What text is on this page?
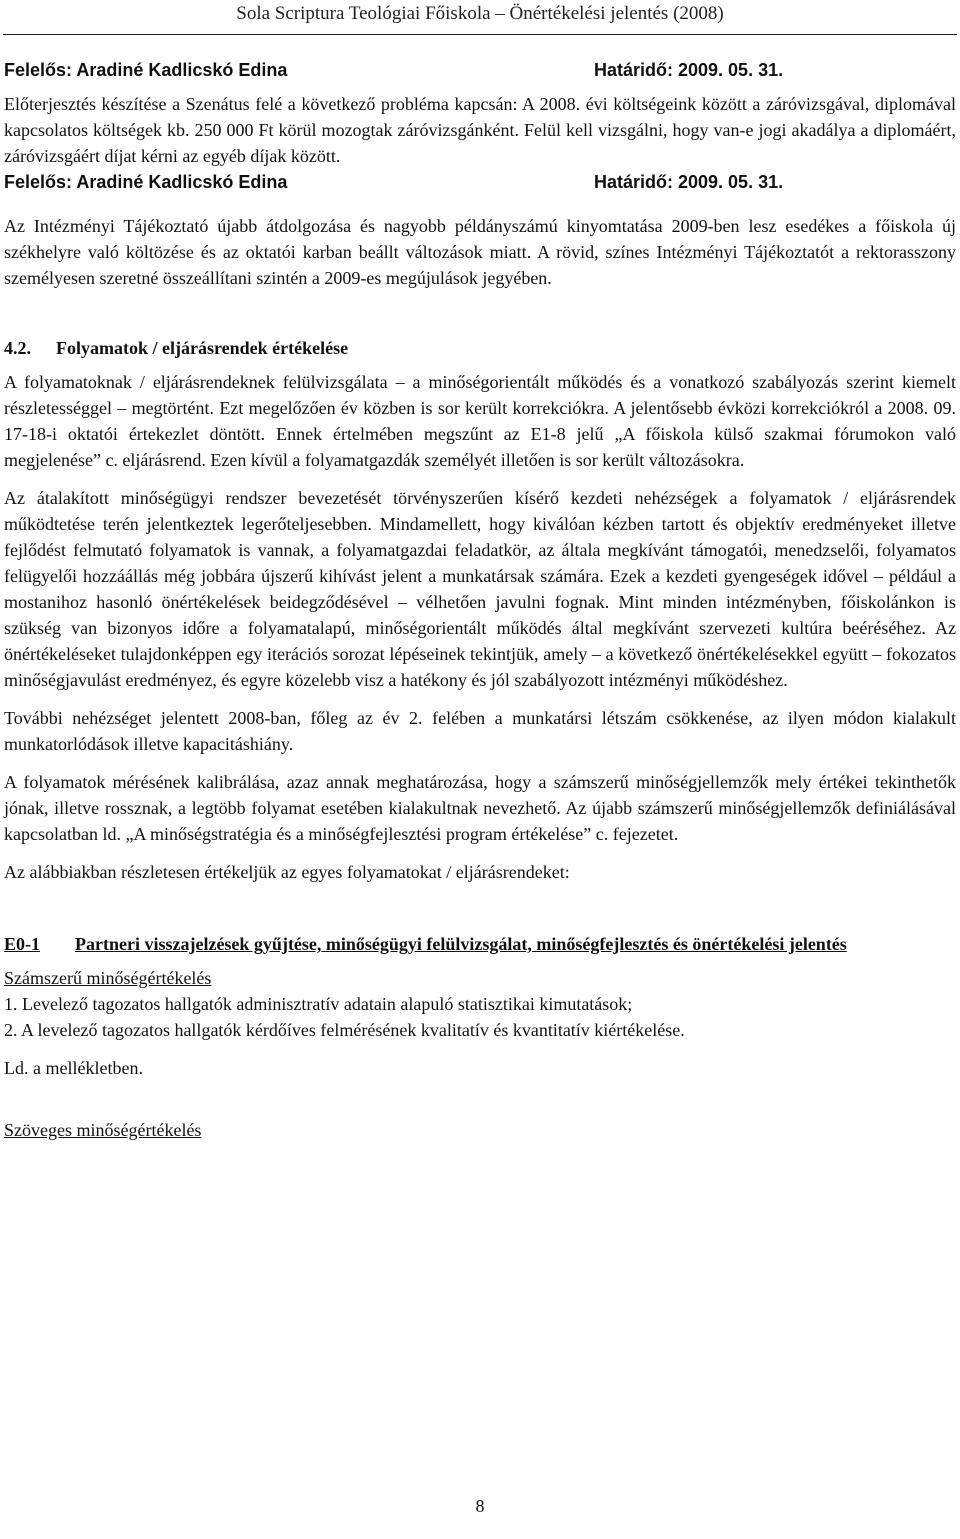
Sola Scriptura Teológiai Főiskola – Önértékelési jelentés (2008)
Felelős: Aradiné Kadlicskó Edina	Határidő: 2009. 05. 31.

Előterjesztés készítése a Szenátus felé a következő probléma kapcsán: A 2008. évi költségeink között a záróvizsgával, diplomával kapcsolatos költségek kb. 250 000 Ft körül mozogtak záróvizsgánként. Felül kell vizsgálni, hogy van-e jogi akadálya a diplomáért, záróvizsgáért díjat kérni az egyéb díjak között.

Felelős: Aradiné Kadlicskó Edina	Határidő: 2009. 05. 31.

Az Intézményi Tájékoztató újabb átdolgozása és nagyobb példányszámú kinyomtatása 2009-ben lesz esedékes a főiskola új székhelyre való költözése és az oktatói karban beállt változások miatt. A rövid, színes Intézményi Tájékoztatót a rektorasszony személyesen szeretné összeállítani szintén a 2009-es megújulások jegyében.

4.2. Folyamatok / eljárásrendek értékelése

A folyamatoknak / eljárásrendeknek felülvizsgálata – a minőségorientált működés és a vonatkozó szabályozás szerint kiemelt részletességgel – megtörtént. Ezt megelőzően év közben is sor került korrekciókra. A jelentősebb évközi korrekciókról a 2008. 09. 17-18-i oktatói értekezlet döntött. Ennek értelmében megszűnt az E1-8 jelű „A főiskola külső szakmai fórumokon való megjelenése” c. eljárásrend. Ezen kívül a folyamatgazdák személyét illetően is sor került változásokra.

Az átalakított minőségügyi rendszer bevezetését törvényszerűen kísérő kezdeti nehézségek a folyamatok / eljárásrendek működtetése terén jelentkeztek legerőteljesebben. Mindamellett, hogy kiválóan kézben tartott és objektív eredményeket illetve fejlődést felmutató folyamatok is vannak, a folyamatgazdai feladatkör, az általa megkívánt támogatói, menedzselői, folyamatos felügyelői hozzáállás még jobbára újszerű kihívást jelent a munkatársak számára. Ezek a kezdeti gyengeségek idővel – például a mostanihoz hasonló önértékelések beidegződésével – vélhetően javulni fognak. Mint minden intézményben, főiskolánkon is szükség van bizonyos időre a folyamatalapú, minőségorientált működés által megkívánt szervezeti kultúra beéréséhez. Az önértékeléseket tulajdonképpen egy iterációs sorozat lépéseinek tekintjük, amely – a következő önértékelésekkel együtt – fokozatos minőségjavulást eredményez, és egyre közelebb visz a hatékony és jól szabályozott intézményi működéshez.

További nehézséget jelentett 2008-ban, főleg az év 2. felében a munkatársi létszám csökkenése, az ilyen módon kialakult munkatorlódások illetve kapacitáshiány.

A folyamatok mérésének kalibrálása, azaz annak meghatározása, hogy a számszerű minőségjellemzők mely értékei tekinthetők jónak, illetve rossznak, a legtöbb folyamat esetében kialakultnak nevezhető. Az újabb számszerű minőségjellemzők definiálásával kapcsolatban ld. „A minőségstratégia és a minőségfejlesztési program értékelése” c. fejezetet.

Az alábbiakban részletesen értékeljük az egyes folyamatokat / eljárásrendeket:

E0-1 Partneri visszajelzések gyűjtése, minőségügyi felülvizsgálat, minőségfejlesztés és önértékelési jelentés
Számszerű minőségértékelés
1. Levelező tagozatos hallgatók adminisztratív adatain alapuló statisztikai kimutatások;
2. A levelező tagozatos hallgatók kérdőíves felmérésének kvalitatív és kvantitatív kiértékelése.
Ld. a mellékletben.
Szöveges minőségértékelés
8
